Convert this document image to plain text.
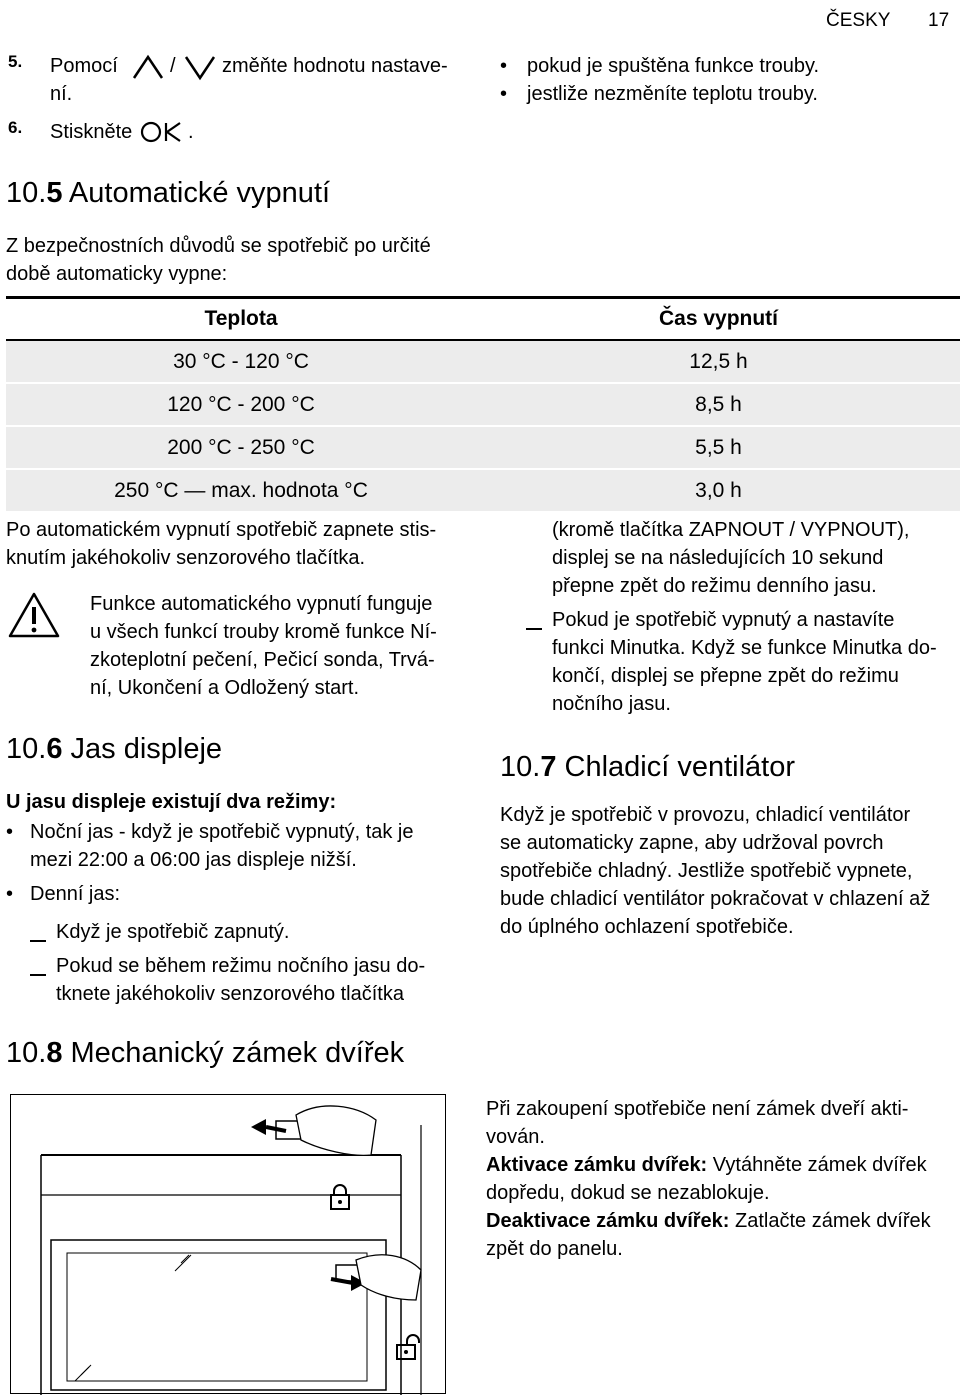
ČESKY 17
5. Pomocí	/ změňte hodnotu nastave-
ní.
6. Stiskněte	.
• pokud je spuštěna funkce trouby.
• jestliže nezměníte teplotu trouby.
10.5 Automatické vypnutí
Z bezpečnostních důvodů se spotřebič po určité
době automaticky vypne:
Teplota	Čas vypnutí
30 °C - 120 °C	12,5 h
120 °C - 200 °C	8,5 h
200 °C - 250 °C	5,5 h
250 °C — max. hodnota °C	3,0 h
Po automatickém vypnutí spotřebič zapnete stis-
knutím jakéhokoliv senzorového tlačítka.
Funkce automatického vypnutí funguje
u všech funkcí trouby kromě funkce Ní-
zkoteplotní pečení, Pečicí sonda, Trvá-
ní, Ukončení a Odložený start.
10.6 Jas displeje
U jasu displeje existují dva režimy:
• Noční jas - když je spotřebič vypnutý, tak je
mezi 22:00 a 06:00 jas displeje nižší.
• Denní jas:
Když je spotřebič zapnutý.
Pokud se během režimu nočního jasu do-
tknete jakéhokoliv senzorového tlačítka
(kromě tlačítka ZAPNOUT / VYPNOUT),
displej se na následujících 10 sekund
přepne zpět do režimu denního jasu.
Pokud je spotřebič vypnutý a nastavíte
funkci Minutka. Když se funkce Minutka do-
končí, displej se přepne zpět do režimu
nočního jasu.
10.7 Chladicí ventilátor
Když je spotřebič v provozu, chladicí ventilátor
se automaticky zapne, aby udržoval povrch
spotřebiče chladný. Jestliže spotřebič vypnete,
bude chladicí ventilátor pokračovat v chlazení až
do úplného ochlazení spotřebiče.
10.8 Mechanický zámek dvířek
Při zakoupení spotřebiče není zámek dveří akti-
vován.
Aktivace zámku dvířek: Vytáhněte zámek dvířek
dopředu, dokud se nezablokuje.
Deaktivace zámku dvířek: Zatlačte zámek dvířek
zpět do panelu.
